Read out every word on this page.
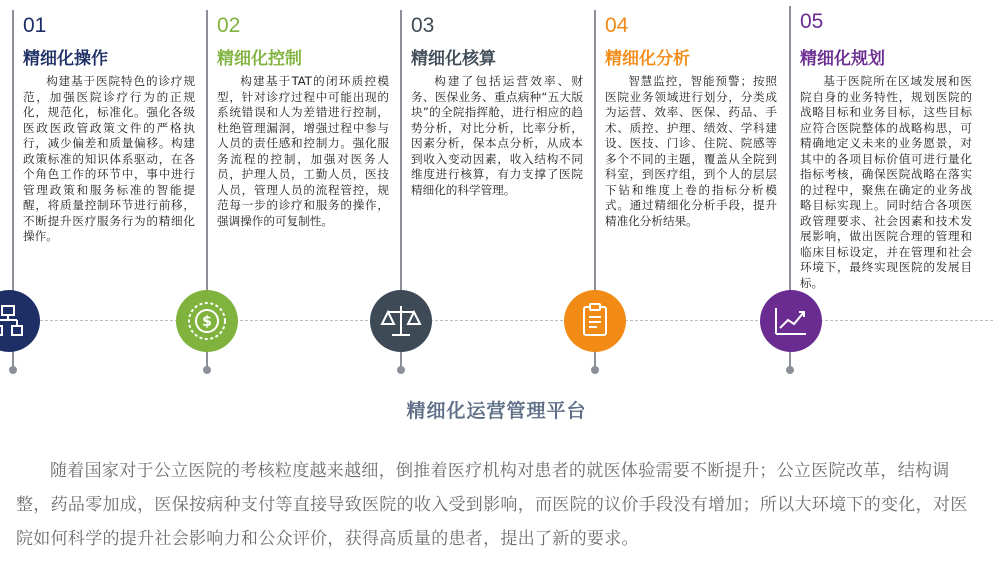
01
精细化操作
构建基于医院特色的诊疗规范，加强医院诊疗行为的正规化，规范化，标准化。强化各级医政医政管政策文件的严格执行，减少偏差和质量偏移。构建政策标准的知识体系驱动，在各个角色工作的环节中，事中进行管理政策和服务标准的智能提醒，将质量控制环节进行前移，不断提升医疗服务行为的精细化操作。
02
精细化控制
构建基于TAT的闭环质控模型，针对诊疗过程中可能出现的系统错误和人为差错进行控制，杜绝管理漏洞，增强过程中参与人员的责任感和控制力。强化服务流程的控制，加强对医务人员，护理人员，工勤人员，医技人员，管理人员的流程管控，规范每一步的诊疗和服务的操作，强调操作的可复制性。
03
精细化核算
构建了包括运营效率、财务、医保业务、重点病种“五大版块”的全院指挥舱，进行相应的趋势分析，对比分析，比率分析，因素分析，保本点分析，从成本到收入变动因素，收入结构不同维度进行核算，有力支撑了医院精细化的科学管理。
04
精细化分析
智慧监控，智能预警；按照医院业务领域进行划分，分类成为运营、效率、医保、药品、手术、质控、护理、绩效、学科建设、医技、门诊、住院、院感等多个不同的主题，覆盖从全院到科室，到医疗组，到个人的层层下钻和维度上卷的指标分析模式。通过精细化分析手段，提升精准化分析结果。
05
精细化规划
基于医院所在区域发展和医院自身的业务特性，规划医院的战略目标和业务目标，这些目标应符合医院整体的战略构思，可精确地定义未来的业务愿景，对其中的各项目标价值可进行量化指标考核，确保医院战略在落实的过程中，聚焦在确定的业务战略目标实现上。同时结合各项医政管理要求、社会因素和技术发展影响，做出医院合理的管理和临床目标设定，并在管理和社会环境下，最终实现医院的发展目标。
$
精细化运营管理平台
随着国家对于公立医院的考核粒度越来越细，倒推着医疗机构对患者的就医体验需要不断提升；公立医院改革，结构调整，药品零加成，医保按病种支付等直接导致医院的收入受到影响，而医院的议价手段没有增加；所以大环境下的变化，对医院如何科学的提升社会影响力和公众评价，获得高质量的患者，提出了新的要求。
